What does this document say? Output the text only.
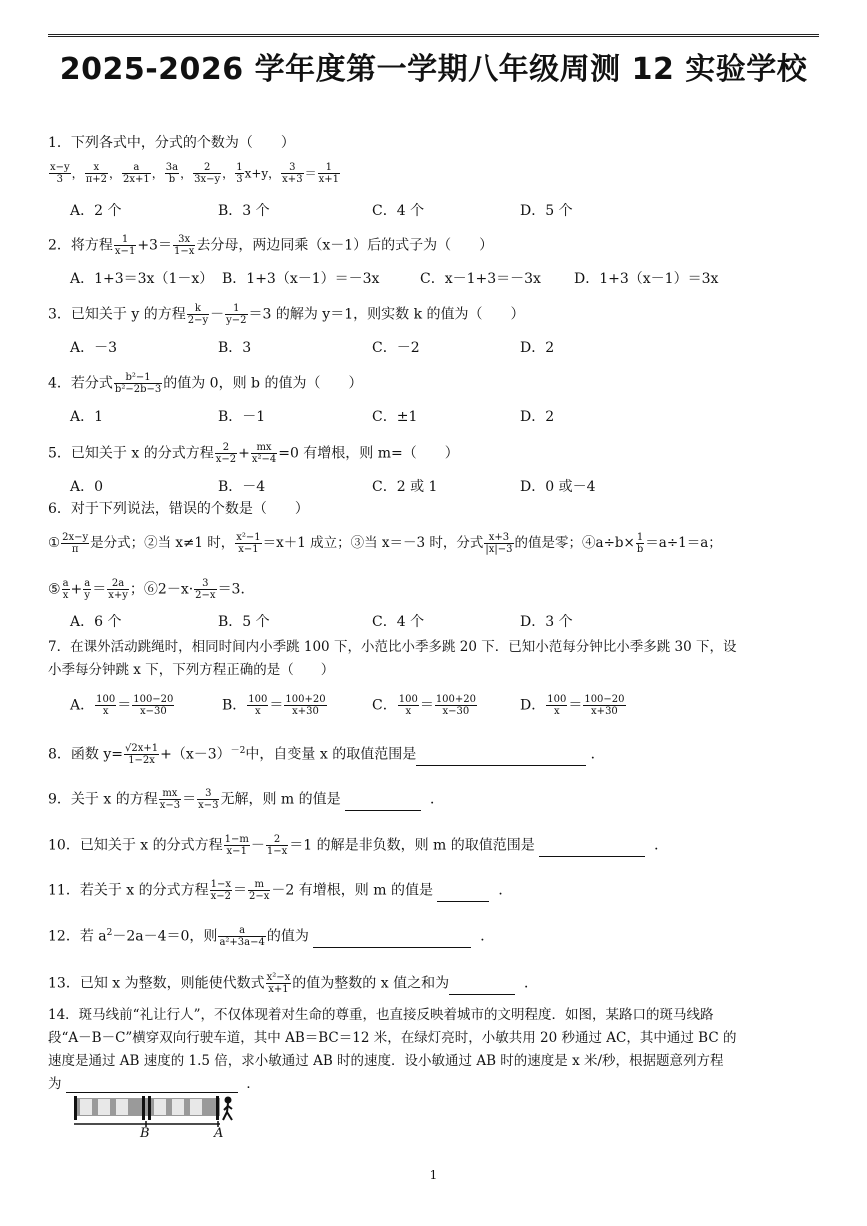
2025-2026 学年度第一学期八年级周测 12 实验学校
1．下列各式中，分式的个数为（　　）
$\frac{x-y}{3}$ ， $\frac{x}{\pi+2}$ ， $\frac{a}{2x+1}$ ， $\frac{3a}{b}$ ， $\frac{2}{3x-y}$ ， $\frac{1}{3} x+y$， $\frac{3}{x+3} = \frac{1}{x+1}$
A．2 个	B．3 个	C．4 个	D．5 个
2．将方程 $\frac{1}{x-1} +3= \frac{3x}{1-x}$ 去分母，两边同乘（x－1）后的式子为（　　）
A．1+3＝3x（1－x） B．1+3（x－1）＝－3x	C．x－1+3＝－3x D．1+3（x－1）＝3x
3．已知关于 y 的方程 $\frac{k}{2-y} - \frac{1}{y-2} =3$ 的解为 y＝1，则实数 k 的值为（　　）
A．－3	B．3	C．－2	D．2
4．若分式 $\frac{\text{b²−1}}{\text{b²−2b−3}}$ 的值为 0，则 b 的值为（　　）
A．1	B．－1	C．±1	D．2
5．已知关于 x 的分式方程 $\frac{2}{x-2} + \frac{mx}{\text{x²−4}} =0$ 有增根，则 m=（　　）
A．0	B．－4	C．2 或 1	D．0 或－4
6．对于下列说法，错误的个数是（　　）
① $\frac{2x-y}{\pi}$ 是分式；②当 x≠1 时， $\frac{\text{x²−1}}{x-1} =x+1$ 成立；③当 x＝－3 时，分式 $\frac{x+3}{|x|-3}$ 的值是零；④a÷b× $\frac{1}{b} =a\div 1=a$；
⑤ $\frac{a}{x} + \frac{a}{y} = \frac{2a}{x+y}$ ；⑥2－x· $\frac{3}{2-x} =3$．
A．6 个	B．5 个	C．4 个	D．3 个
7．在课外活动跳绳时，相同时间内小季跳 100 下，小范比小季多跳 20 下．已知小范每分钟比小季多跳 30 下，设
小季每分钟跳 x 下，下列方程正确的是（　　）
A． $\frac{100}{x} = \frac{100-20}{x-30}$	B． $\frac{100}{x} = \frac{100+20}{x+30}$	C． $\frac{100}{x} = \frac{100+20}{x-30}$	D． $\frac{100}{x} = \frac{100-20}{x+30}$
8．函数 $y= \frac{√2x+1}{1-2x} +(x-3)^{-2}$中，自变量 x 的取值范围是	．
9．关于 x 的方程 $\frac{mx}{x-3} = \frac{3}{x-3}$ 无解，则 m 的值是	．
10．已知关于 x 的分式方程 $\frac{1-m}{x-1} - \frac{2}{1-x} =1$ 的解是非负数，则 m 的取值范围是	．
11．若关于 x 的分式方程 $\frac{1-x}{x-2} = \frac{m}{2-x} -2$ 有增根，则 m 的值是	．
12．若 $a^2-2a-4=0$，则 $\frac{a}{\text{a²+3a−4}}$ 的值为	．
13．已知 x 为整数，则能使代数式 $\frac{\text{x²−x}}{x+1}$ 的值为整数的 x 值之和为	．
14．斑马线前“礼让行人”，不仅体现着对生命的尊重，也直接反映着城市的文明程度．如图，某路口的斑马线路
段“A－B－C”横穿双向行驶车道，其中 AB＝BC＝12 米，在绿灯亮时，小敏共用 20 秒通过 AC，其中通过 BC 的
速度是通过 AB 速度的 1.5 倍，求小敏通过 AB 时的速度．设小敏通过 AB 时的速度是 x 米/秒，根据题意列方程
为	．
B	A
1
